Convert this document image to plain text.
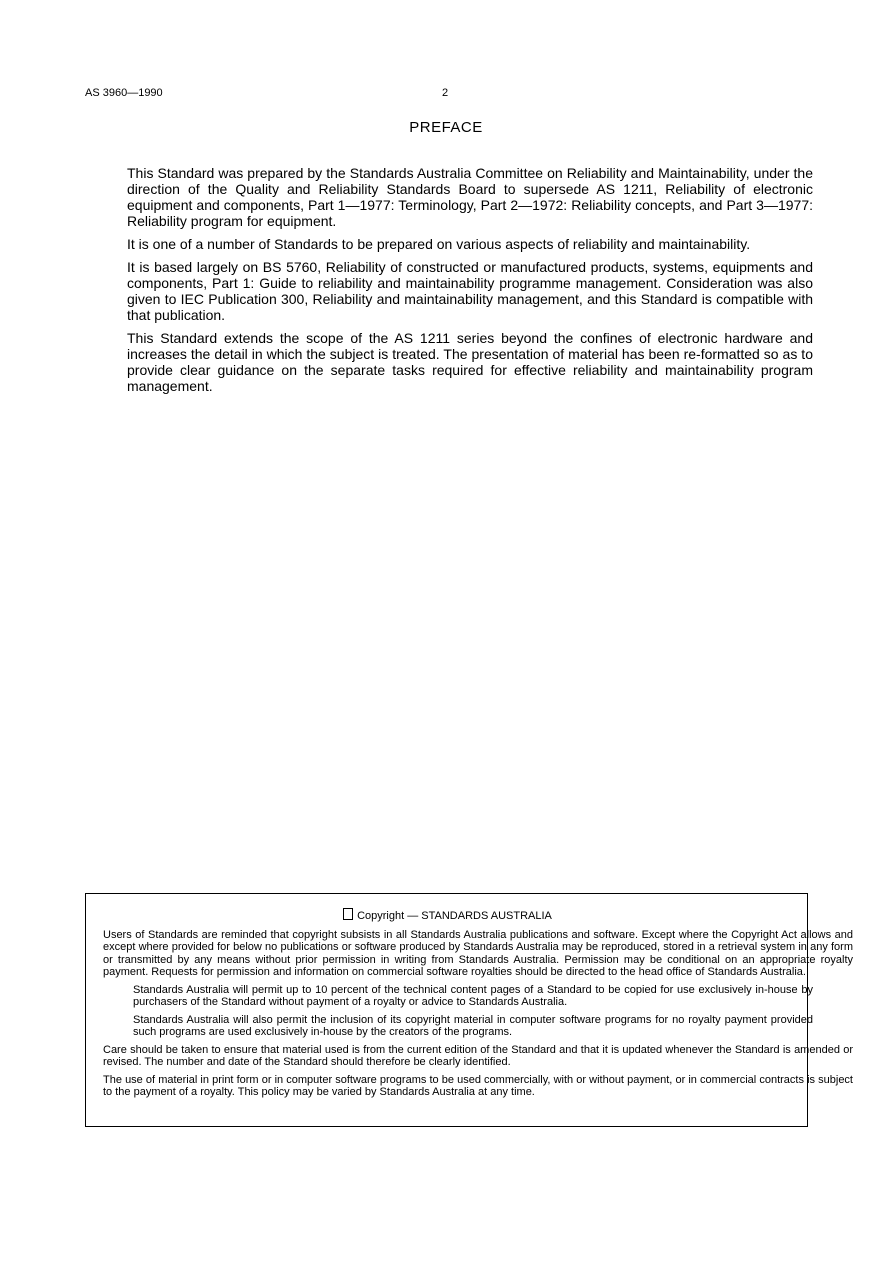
AS 3960—1990	2
PREFACE

This Standard was prepared by the Standards Australia Committee on Reliability and Maintainability, under the direction of the Quality and Reliability Standards Board to supersede AS 1211, Reliability of electronic equipment and components, Part 1—1977: Terminology, Part 2—1972: Reliability concepts, and Part 3—1977: Reliability program for equipment.

It is one of a number of Standards to be prepared on various aspects of reliability and maintainability.

It is based largely on BS 5760, Reliability of constructed or manufactured products, systems, equipments and components, Part 1: Guide to reliability and maintainability programme management. Consideration was also given to IEC Publication 300, Reliability and maintainability management, and this Standard is compatible with that publication.

This Standard extends the scope of the AS 1211 series beyond the confines of electronic hardware and increases the detail in which the subject is treated. The presentation of material has been re-formatted so as to provide clear guidance on the separate tasks required for effective reliability and maintainability program management.

Copyright — STANDARDS AUSTRALIA

Users of Standards are reminded that copyright subsists in all Standards Australia publications and software. Except where the Copyright Act allows and except where provided for below no publications or software produced by Standards Australia may be reproduced, stored in a retrieval system in any form or transmitted by any means without prior permission in writing from Standards Australia. Permission may be conditional on an appropriate royalty payment. Requests for permission and information on commercial software royalties should be directed to the head office of Standards Australia.

Standards Australia will permit up to 10 percent of the technical content pages of a Standard to be copied for use exclusively in-house by purchasers of the Standard without payment of a royalty or advice to Standards Australia.

Standards Australia will also permit the inclusion of its copyright material in computer software programs for no royalty payment provided such programs are used exclusively in-house by the creators of the programs.

Care should be taken to ensure that material used is from the current edition of the Standard and that it is updated whenever the Standard is amended or revised. The number and date of the Standard should therefore be clearly identified.

The use of material in print form or in computer software programs to be used commercially, with or without payment, or in commercial contracts is subject to the payment of a royalty. This policy may be varied by Standards Australia at any time.
